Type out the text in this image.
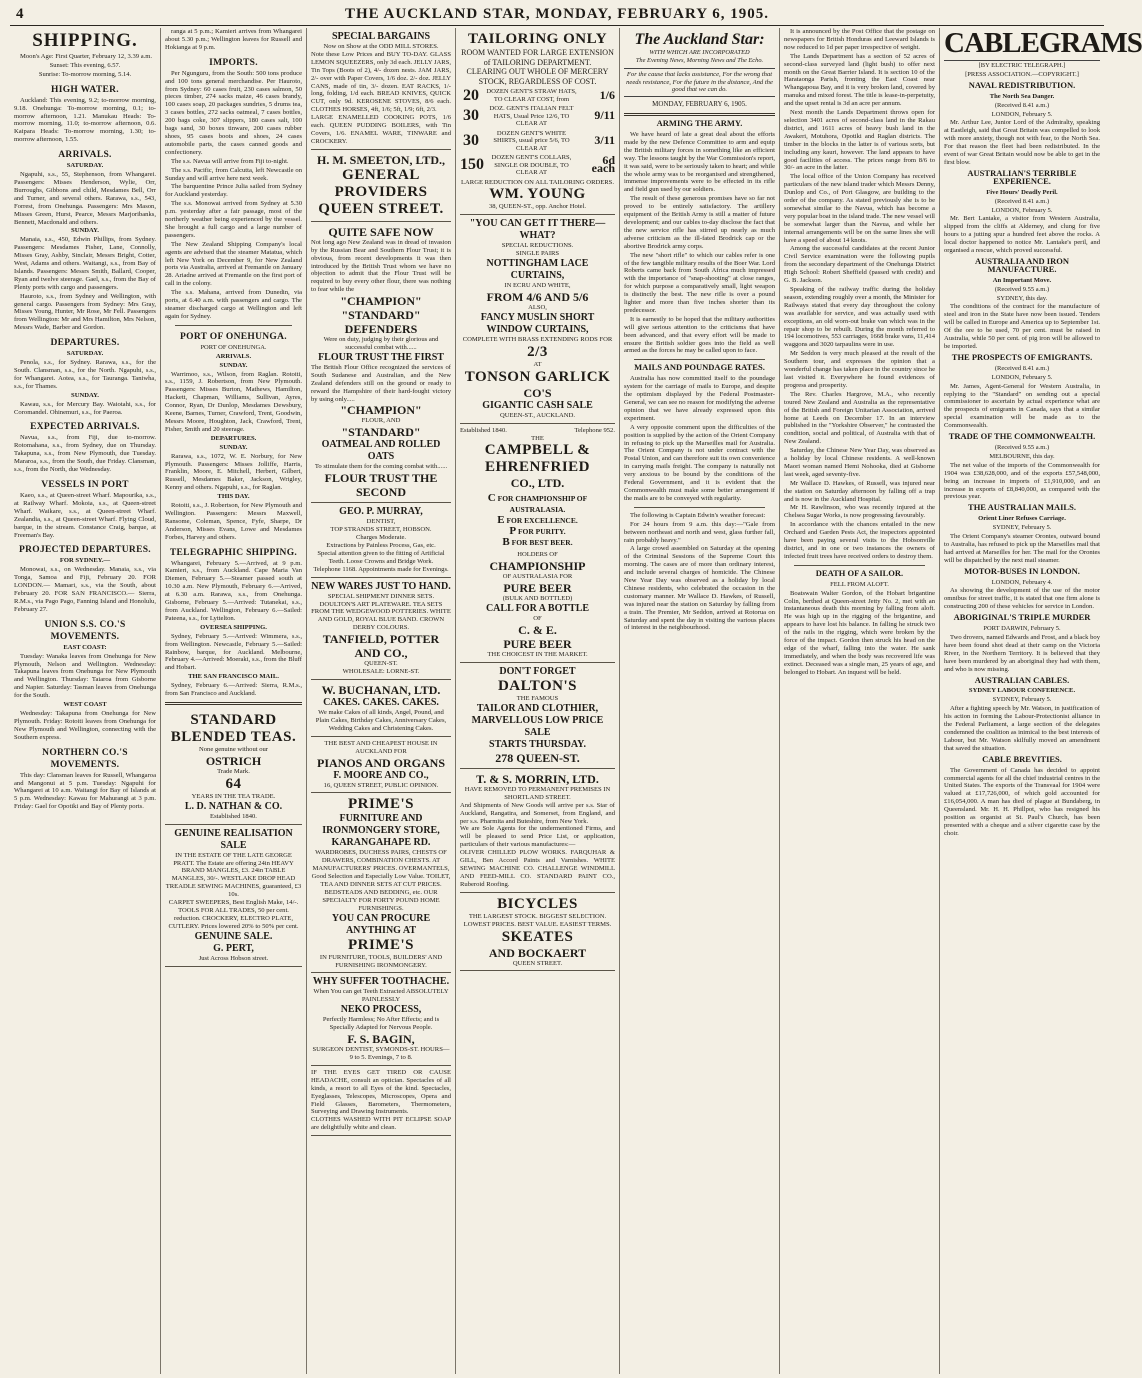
4	THE AUCKLAND STAR, MONDAY, FEBRUARY 6, 1905.
SHIPPING.
Moon's Age: First Quarter, February 12, 3.39 a.m.
Sunset: This evening, 6.57.
Sunrise: To-morrow morning, 5.14.
HIGH WATER.
Auckland: This evening, 9.2; to-morrow morning, 9.18. Onehunga: To-morrow morning, 0.1; to-morrow afternoon, 1.21. Manukau Heads: To-morrow morning, 11.0; to-morrow afternoon, 0.6. Kaipara Heads: To-morrow morning, 1.30; to-morrow afternoon, 1.55.
ARRIVALS.
SATURDAY.
Ngapuhi, s.s., 55, Stephenson, from Whangarei. Passengers: Misses Henderson, Wylie, Orr, Burroughs, Gibbons and child, Mesdames Bell, Orr and Turner, and several others. Rarawa, s.s., 543, Forrest, from Onehunga. Passengers: Mrs Mason, Misses Green, Hurst, Pearce, Messrs Marjoribanks, Bennett, Macdonald and others.
SUNDAY.
Manaia, s.s., 450, Edwin Phillips, from Sydney. Passengers: Mesdames Fisher, Lane, Connolly, Misses Gray, Ashby, Sinclair, Messrs Bright, Cotter, West, Adams and others. Waitangi, s.s., from Bay of Islands. Passengers: Messrs Smith, Ballard, Cooper, Ryan and twelve steerage. Gael, s.s., from the Bay of Plenty ports with cargo and passengers.
Hauroto, s.s., from Sydney and Wellington, with general cargo. Passengers from Sydney: Mrs Gray, Misses Young, Hunter, Mr Rose, Mr Fell. Passengers from Wellington: Mr and Mrs Hamilton, Mrs Nelson, Messrs Wade, Barber and Gordon.
DEPARTURES.
SATURDAY.
Penola, s.s., for Sydney. Rarawa, s.s., for the South. Clansman, s.s., for the North. Ngapuhi, s.s., for Whangarei. Aotea, s.s., for Tauranga. Taniwha, s.s., for Thames.
SUNDAY.
Kawau, s.s., for Mercury Bay. Waiotahi, s.s., for Coromandel. Ohinemuri, s.s., for Paeroa.
EXPECTED ARRIVALS.
Navua, s.s., from Fiji, due to-morrow. Rotomahana, s.s., from Sydney, due on Thursday. Takapuna, s.s., from New Plymouth, due Tuesday. Mararoa, s.s., from the South, due Friday. Clansman, s.s., from the North, due Wednesday.
VESSELS IN PORT
Kaeo, s.s., at Queen-street Wharf. Mapourika, s.s., at Railway Wharf. Mokoia, s.s., at Queen-street Wharf. Waikare, s.s., at Queen-street Wharf. Zealandia, s.s., at Queen-street Wharf. Flying Cloud, barque, in the stream. Constance Craig, barque, at Freeman's Bay.
PROJECTED DEPARTURES.
FOR SYDNEY.—
Monowai, s.s., on Wednesday. Manaia, s.s., via Tonga, Samoa and Fiji, February 20. FOR LONDON.— Mamari, s.s., via the South, about February 20. FOR SAN FRANCISCO.— Sierra, R.M.s., via Pago Pago, Fanning Island and Honolulu, February 27.
UNION S.S. CO.'S MOVEMENTS.
EAST COAST:
Tuesday: Wanaka leaves from Onehunga for New Plymouth, Nelson and Wellington. Wednesday: Takapuna leaves from Onehunga for New Plymouth and Wellington. Thursday: Taiaroa from Gisborne and Napier. Saturday: Tasman leaves from Onehunga for the South.
WEST COAST
Wednesday: Takapuna from Onehunga for New Plymouth. Friday: Rotoiti leaves from Onehunga for New Plymouth and Wellington, connecting with the Southern express.
NORTHERN CO.'S MOVEMENTS.
This day: Clansman leaves for Russell, Whangaroa and Mangonui at 5 p.m. Tuesday: Ngapuhi for Whangarei at 10 a.m. Waitangi for Bay of Islands at 5 p.m. Wednesday: Kawau for Mahurangi at 3 p.m. Friday: Gael for Opotiki and Bay of Plenty ports.
ranga at 5 p.m.; Kamieri arrives from Whangarei about 5.30 p.m.; Wellington leaves for Russell and Hokianga at 9 p.m.
IMPORTS.
Per Ngunguru, from the South: 500 tons produce and 100 tons general merchandise. Per Hauroto, from Sydney: 60 cases fruit, 230 cases salmon, 50 pieces timber, 274 sacks maize, 46 cases brandy, 100 cases soap, 20 packages sundries, 5 drums tea, 3 cases bottles, 272 sacks oatmeal, 7 cases bottles, 200 bags coke, 307 slippers, 180 cases salt, 100 bags sand, 30 boxes tinware, 200 cases rubber shoes, 95 cases boots and shoes, 24 cases automobile parts, the cases canned goods and confectionery.
The s.s. Navua will arrive from Fiji to-night.
The s.s. Pacific, from Calcutta, left Newcastle on Sunday and will arrive here next week.
The barquentine Prince Julia sailed from Sydney for Auckland yesterday.
The s.s. Monowai arrived from Sydney at 5.30 p.m. yesterday after a fair passage, most of the northerly weather being experienced by the vessel. She brought a full cargo and a large number of passengers.
The New Zealand Shipping Company's local agents are advised that the steamer Matatua, which left New York on December 9, for New Zealand ports via Australia, arrived at Fremantle on January 28. Ariadne arrived at Fremantle on the first port of call in the colony.
The s.s. Mahana, arrived from Dunedin, via ports, at 6.40 a.m. with passengers and cargo. The steamer discharged cargo at Wellington and left again for Sydney.
PORT OF ONEHUNGA.
PORT OF ONEHUNGA.
ARRIVALS.
SUNDAY.
Warrimoo, s.s., Wilson, from Raglan. Rotoiti, s.s., 1159, J. Robertson, from New Plymouth. Passengers: Misses Burton, Mathews, Hamilton, Hackett, Chapman, Williams, Sullivan, Ayres, Connor, Ryan, Dr Dunlop, Mesdames Dewsbury, Keene, Barnes, Turner, Crawford, Trent, Goodwin, Messrs Moore, Houghton, Jack, Crawford, Trent, Fisher, Smith and 20 steerage.
DEPARTURES.
SUNDAY.
Rarawa, s.s., 1072, W. E. Norbury, for New Plymouth. Passengers: Misses Jolliffe, Harris, Franklin, Moore, E. Mitchell, Herbert, Gilbert, Russell, Mesdames Baker, Jackson, Wrigley, Kenny and others. Ngapuhi, s.s., for Raglan.
THIS DAY.
Rotoiti, s.s., J. Robertson, for New Plymouth and Wellington. Passengers: Messrs Maxwell, Ransome, Coleman, Spence, Fyfe, Sharpe, Dr Anderson, Misses Evans, Lowe and Mesdames Forbes, Harvey and others.
TELEGRAPHIC SHIPPING.
Whangarei, February 5.—Arrived, at 9 p.m. Kamieri, s.s., from Auckland. Cape Maria Van Diemen, February 5.—Steamer passed south at 10.30 a.m. New Plymouth, February 6.—Arrived, at 6.30 a.m. Rarawa, s.s., from Onehunga. Gisborne, February 5.—Arrived: Tutanekai, s.s., from Auckland. Wellington, February 6.—Sailed: Pateena, s.s., for Lyttelton.
OVERSEA SHIPPING.
Sydney, February 5.—Arrived: Wimmera, s.s., from Wellington. Newcastle, February 5.—Sailed: Rainbow, barque, for Auckland. Melbourne, February 4.—Arrived: Moeraki, s.s., from the Bluff and Hobart.
THE SAN FRANCISCO MAIL.
Sydney, February 6.—Arrived: Sierra, R.M.s., from San Francisco and Auckland.
STANDARD
BLENDED TEAS.
None genuine without our
OSTRICH
Trade Mark.
64
YEARS IN THE TEA TRADE.
L. D. NATHAN & CO.
Established 1840.
GENUINE REALISATION SALE
IN THE ESTATE OF THE LATE GEORGE PRATT. The Estate are offering 24in HEAVY BRAND MANGLES, £3. 24in TABLE MANGLES, 30/-. WESTLAKE DROP HEAD TREADLE SEWING MACHINES, guaranteed, £3 10s.
CARPET SWEEPERS, Best English Make, 14/-. TOOLS FOR ALL TRADES, 50 per cent. reduction. CROCKERY, ELECTRO PLATE, CUTLERY. Prices lowered 20% to 50% per cent.
GENUINE SALE.
G. PERT,
Just Across Hobson street.
SPECIAL BARGAINS
Now on Show at the ODD MILL STORES.
Note these Low Prices and BUY TO-DAY. GLASS LEMON SQUEEZERS, only 3d each. JELLY JARS, Tin Tops (Boots of 2), 4/- dozen nests. JAM JARS, 2/- over with Paper Covers, 1/6 doz. 2/- doz. JELLY CANS, made of tin, 3/- dozen. EAT RACKS, 1/- long, folding, 1/d each. BREAD KNIVES, QUICK CUT, only 9d. KEROSENE STOVES, 8/6 each. CLOTHES HORSES, 4ft, 1/6; 5ft, 1/9; 6ft, 2/3.
LARGE ENAMELLED COOKING POTS, 1/6 each. QUEEN PUDDING BOILERS, with Tin Covers, 1/6. ENAMEL WARE, TINWARE and CROCKERY.
H. M. SMEETON, LTD.,
GENERAL
PROVIDERS
QUEEN STREET.
QUITE SAFE NOW
Not long ago New Zealand was in dread of invasion by the Russian Bear and Southern Flour Trust; it is obvious, from recent developments it was then introduced by the British Trust whom we have no objection to admit that the Flour Trust will be required to buy every other flour, there was nothing to fear while the
"CHAMPION"
"STANDARD"
DEFENDERS
Were on duty, judging by their glorious and successful combat with......
FLOUR TRUST THE FIRST
The British Flour Office recognized the services of South Sudanese and Australian, and the New Zealand defenders still on the ground or ready to reward the Hampshire of their hard-fought victory by using only.....
"CHAMPION"
FLOUR, AND
"STANDARD"
OATMEAL AND ROLLED OATS
To stimulate them for the coming combat with......
FLOUR TRUST THE SECOND
GEO. P. MURRAY,
DENTIST,
TOP STRANDS STREET, HOBSON.
Charges Moderate.
Extractions by Painless Process, Gas, etc.
Special attention given to the fitting of Artificial Teeth. Loose Crowns and Bridge Work.
Telephone 1168. Appointments made for Evenings.
NEW WARES JUST TO HAND.
SPECIAL SHIPMENT DINNER SETS. DOULTON'S ART PLATEWARE. TEA SETS FROM THE WEDGEWOOD POTTERIES. WHITE AND GOLD, ROYAL BLUE BAND. CROWN DERBY COLOURS.
TANFIELD, POTTER
AND CO.,
QUEEN-ST.
WHOLESALE: LORNE-ST.
W. BUCHANAN, LTD.
CAKES. CAKES. CAKES.
We make Cakes of all kinds, Angel, Pound, and Plain Cakes, Birthday Cakes, Anniversary Cakes, Wedding Cakes and Christening Cakes.
THE BEST AND CHEAPEST HOUSE IN AUCKLAND FOR
PIANOS AND ORGANS
F. MOORE AND CO.,
16, QUEEN STREET, PUBLIC OPINION.
PRIME'S
FURNITURE AND IRONMONGERY STORE,
KARANGAHAPE RD.
WARDROBES, DUCHESS PAIRS, CHESTS OF DRAWERS, COMBINATION CHESTS. AT MANUFACTURERS' PRICES. OVERMANTELS, Good Selection and Especially Low Value. TOILET, TEA AND DINNER SETS AT CUT PRICES. BEDSTEADS AND BEDDING, etc. OUR SPECIALTY FOR FORTY POUND HOME FURNISHINGS.
YOU CAN PROCURE ANYTHING AT
PRIME'S
IN FURNITURE, TOOLS, BUILDERS' AND FURNISHING IRONMONGERY.
WHY SUFFER TOOTHACHE.
When You can get Teeth Extracted ABSOLUTELY PAINLESSLY
NEKO PROCESS,
Perfectly Harmless; No After Effects; and is Specially Adapted for Nervous People.
F. S. BAGIN,
SURGEON DENTIST, SYMONDS-ST. HOURS—9 to 5. Evenings, 7 to 8.
IF THE EYES GET TIRED OR CAUSE HEADACHE, consult an optician. Spectacles of all kinds, a resort to all Eyes of the kind. Spectacles, Eyeglasses, Telescopes, Microscopes, Opera and Field Glasses, Barometers, Thermometers, Surveying and Drawing Instruments.
CLOTHES WASHED WITH PIT ECLIPSE SOAP are delightfully white and clean.
TAILORING ONLY
ROOM WANTED FOR LARGE EXTENSION of TAILORING DEPARTMENT.
CLEARING OUT WHOLE OF MERCERY STOCK, REGARDLESS OF COST.
20	DOZEN GENT'S STRAW HATS, TO CLEAR AT COST, from	1/6
30	DOZ. GENT'S ITALIAN FELT HATS, Usual Price 12/6, TO CLEAR AT
9/11
30	DOZEN GENT'S WHITE SHIRTS, usual price 5/6, TO CLEAR AT
3/11
150	DOZEN GENT'S COLLARS, SINGLE OR DOUBLE, TO CLEAR AT
6d each
LARGE REDUCTION ON ALL TAILORING ORDERS.
WM. YOUNG
38, QUEEN-ST., opp. Anchor Hotel.
"YOU CAN GET IT THERE—WHAT?
SPECIAL REDUCTIONS.
SINGLE PAIRS
NOTTINGHAM LACE CURTAINS,
IN ECRU AND WHITE,
FROM 4/6 AND 5/6
ALSO,
FANCY MUSLIN SHORT WINDOW CURTAINS,
COMPLETE WITH BRASS EXTENDING RODS FOR
2/3
AT
TONSON GARLICK
CO'S
GIGANTIC CASH SALE
QUEEN-ST., AUCKLAND.
Established 1840.	Telephone 952.
THE
CAMPBELL &
EHRENFRIED
CO., LTD.
C FOR CHAMPIONSHIP OF AUSTRALASIA.
E FOR EXCELLENCE.
P FOR PURITY.
B FOR BEST BEER.
HOLDERS OF
CHAMPIONSHIP
OF AUSTRALASIA FOR
PURE BEER
(BULK AND BOTTLED)
CALL FOR A BOTTLE
OF
C. & E.
PURE BEER
THE CHOICEST IN THE MARKET.
DON'T FORGET
DALTON'S
THE FAMOUS
TAILOR AND CLOTHIER,
MARVELLOUS LOW PRICE SALE
STARTS THURSDAY.
278 QUEEN-ST.
T. & S. MORRIN, LTD.
HAVE REMOVED TO PERMANENT PREMISES IN SHORTLAND STREET.
And Shipments of New Goods will arrive per s.s. Star of Auckland, Rangatira, and Somerset, from England, and per s.s. Pharmita and Buteshire, from New York.
We are Sole Agents for the undermentioned Firms, and will be pleased to send Price List, or application, particulars of their various manufactures:—
OLIVER CHILLED PLOW WORKS. FARQUHAR & GILL, Ben Accord Paints and Varnishes. WHITE SEWING MACHINE CO. CHALLENGE WINDMILL AND FEED-MILL CO. STANDARD PAINT CO., Ruberoid Roofing.
BICYCLES
THE LARGEST STOCK. BIGGEST SELECTION. LOWEST PRICES. BEST VALUE. EASIEST TERMS.
SKEATES
AND BOCKAERT
QUEEN STREET.
The Auckland Star:
WITH WHICH ARE INCORPORATED
The Evening News, Morning News and The Echo.
For the cause that lacks assistance, For the wrong that needs resistance, For the future in the distance, And the good that we can do.
MONDAY, FEBRUARY 6, 1905.
ARMING THE ARMY.
We have heard of late a great deal about the efforts made by the new Defence Committee to arm and equip the British military forces in something like an efficient way. The lessons taught by the War Commission's report, it was said, were to be seriously taken to heart; and while the whole army was to be reorganised and strengthened, immense improvements were to be effected in its rifle and field gun used by our soldiers.
The result of these generous promises have so far not proved to be entirely satisfactory. The artillery equipment of the British Army is still a matter of future development; and our cables to-day disclose the fact that the new service rifle has stirred up nearly as much adverse criticism as the ill-fated Brodrick cap or the abortive Brodrick army corps.
The new "short rifle" to which our cables refer is one of the few tangible military results of the Boer War. Lord Roberts came back from South Africa much impressed with the importance of "snap-shooting" at close ranges, for which purpose a comparatively small, light weapon is distinctly the best. The new rifle is over a pound lighter and more than five inches shorter than its predecessor.
It is earnestly to be hoped that the military authorities will give serious attention to the criticisms that have been advanced, and that every effort will be made to ensure the British soldier goes into the field as well armed as the forces he may be called upon to face.
MAILS AND POUNDAGE RATES.
Australia has now committed itself to the poundage system for the carriage of mails to Europe, and despite the optimism displayed by the Federal Postmaster-General, we can see no reason for modifying the adverse opinion that we have already expressed upon this experiment.
A very opposite comment upon the difficulties of the position is supplied by the action of the Orient Company in refusing to pick up the Marseilles mail for Australia. The Orient Company is not under contract with the Postal Union, and can therefore suit its own convenience in carrying mails freight. The company is naturally not very anxious to be bound by the conditions of the Federal Government, and it is evident that the Commonwealth must make some better arrangement if the mails are to be conveyed with regularity.
The following is Captain Edwin's weather forecast:
For 24 hours from 9 a.m. this day:—"Gale from between northeast and north and west, glass further fall, rain probably heavy."
A large crowd assembled on Saturday at the opening of the Criminal Sessions of the Supreme Court this morning. The cases are of more than ordinary interest, and include several charges of homicide. The Chinese New Year Day was observed as a holiday by local Chinese residents, who celebrated the occasion in the customary manner. Mr Wallace D. Hawkes, of Russell, was injured near the station on Saturday by falling from a train. The Premier, Mr Seddon, arrived at Rotorua on Saturday and spent the day in visiting the various places of interest in the neighbourhood.
It is announced by the Post Office that the postage on newspapers for British Honduras and Leeward Islands is now reduced to 1d per paper irrespective of weight.
The Lands Department has a section of 52 acres of second-class surveyed land (light bush) to offer next month on the Great Barrier Island. It is section 10 of the Harataonga Parish, fronting the East Coast near Whangapoua Bay, and it is very broken land, covered by manuka and mixed forest. The title is lease-in-perpetuity, and the upset rental is 3d an acre per annum.
Next month the Lands Department throws open for selection 3401 acres of second-class land in the Rakau district, and 1611 acres of heavy bush land in the Awakeri, Motuhora, Opotiki and Raglan districts. The timber in the blocks in the latter is of various sorts, but including any kauri, however. The land appears to have good facilities of access. The prices range from 8/6 to 30/- an acre in the latter.
The local office of the Union Company has received particulars of the new island trader which Messrs Denny, Dunlop and Co., of Port Glasgow, are building to the order of the company. As stated previously she is to be somewhat similar to the Navua, which has become a very popular boat in the island trade. The new vessel will be somewhat larger than the Navua, and while her internal arrangements will be on the same lines she will have a speed of about 14 knots.
Among the successful candidates at the recent Junior Civil Service examination were the following pupils from the secondary department of the Onehunga District High School: Robert Sheffield (passed with credit) and G. B. Jackson.
Speaking of the railway traffic during the holiday season, extending roughly over a month, the Minister for Railways stated that every day throughout the colony was available for service, and was actually used with exceptions, an old worn-out brake van which was in the repair shop to be rebuilt. During the month referred to 194 locomotives, 553 carriages, 1668 brake vans, 11,414 waggons and 3020 tarpaulins were in use.
Mr Seddon is very much pleased at the result of the Southern tour, and expresses the opinion that a wonderful change has taken place in the country since he last visited it. Everywhere he found evidences of progress and prosperity.
The Rev. Charles Hargrove, M.A., who recently toured New Zealand and Australia as the representative of the British and Foreign Unitarian Association, arrived home at Leeds on December 17. In an interview published in the "Yorkshire Observer," he contrasted the condition, social and political, of Australia with that of New Zealand.
Saturday, the Chinese New Year Day, was observed as a holiday by local Chinese residents. A well-known Maori woman named Hemi Nohooka, died at Gisborne last week, aged seventy-five.
Mr Wallace D. Hawkes, of Russell, was injured near the station on Saturday afternoon by falling off a trap and is now in the Auckland Hospital.
Mr H. Rawlinson, who was recently injured at the Chelsea Sugar Works, is now progressing favourably.
In accordance with the chances entailed in the new Orchard and Garden Pests Act, the inspectors appointed have been paying several visits to the Hobsonville district, and in one or two instances the owners of infected fruit trees have received orders to destroy them.
DEATH OF A SAILOR.
FELL FROM ALOFT.
Boatswain Walter Gordon, of the Hobart brigantine Colin, berthed at Queen-street Jetty No. 2, met with an instantaneous death this morning by falling from aloft. He was high up in the rigging of the brigantine, and appears to have lost his balance. In falling he struck two of the rails in the rigging, which were broken by the force of the impact. Gordon then struck his head on the edge of the wharf, falling into the water. He sank immediately, and when the body was recovered life was extinct. Deceased was a single man, 25 years of age, and belonged to Hobart. An inquest will be held.
CABLEGRAMS
[BY ELECTRIC TELEGRAPH.]
[PRESS ASSOCIATION.—COPYRIGHT.]
NAVAL REDISTRIBUTION.
The North Sea Danger.
(Received 8.41 a.m.)
LONDON, February 5.
Mr. Arthur Lee, Junior Lord of the Admiralty, speaking at Eastleigh, said that Great Britain was compelled to look with more anxiety, though not with fear, to the North Sea. For that reason the fleet had been redistributed. In the event of war Great Britain would now be able to get in the first blow.
AUSTRALIAN'S TERRIBLE EXPERIENCE.
Five Hours' Deadly Peril.
(Received 8.41 a.m.)
LONDON, February 5.
Mr. Bert Lantake, a visitor from Western Australia, slipped from the cliffs at Alderney, and clung for five hours to a jutting spur a hundred feet above the rocks. A local doctor happened to notice Mr. Lantake's peril, and organised a rescue, which proved successful.
AUSTRALIA AND IRON MANUFACTURE.
An Important Move.
(Received 9.55 a.m.)
SYDNEY, this day.
The conditions of the contract for the manufacture of steel and iron in the State have now been issued. Tenders will be called in Europe and America up to September 1st. Of the ore to be used, 70 per cent. must be raised in Australia, while 50 per cent. of pig iron will be allowed to be imported.
THE PROSPECTS OF EMIGRANTS.
(Received 8.41 a.m.)
LONDON, February 5.
Mr. James, Agent-General for Western Australia, in replying to the "Standard" on sending out a special commissioner to ascertain by actual experience what are the prospects of emigrants in Canada, says that a similar special examination will be made as to the Commonwealth.
TRADE OF THE COMMONWEALTH.
(Received 9.55 a.m.)
MELBOURNE, this day.
The net value of the imports of the Commonwealth for 1904 was £38,628,000, and of the exports £57,548,000, being an increase in imports of £1,910,000, and an increase in exports of £8,840,000, as compared with the previous year.
THE AUSTRALIAN MAILS.
Orient Liner Refuses Carriage.
SYDNEY, February 5.
The Orient Company's steamer Orontes, outward bound to Australia, has refused to pick up the Marseilles mail that had arrived at Marseilles for her. The mail for the Orontes will be dispatched by the next mail steamer.
MOTOR-BUSES IN LONDON.
LONDON, February 4.
As showing the development of the use of the motor omnibus for street traffic, it is stated that one firm alone is constructing 200 of these vehicles for service in London.
ABORIGINAL'S TRIPLE MURDER
PORT DARWIN, February 5.
Two drovers, named Edwards and Frost, and a black boy have been found shot dead at their camp on the Victoria River, in the Northern Territory. It is believed that they have been murdered by an aboriginal they had with them, and who is now missing.
AUSTRALIAN CABLES.
SYDNEY LABOUR CONFERENCE.
SYDNEY, February 5.
After a fighting speech by Mr. Watson, in justification of his action in forming the Labour-Protectionist alliance in the Federal Parliament, a large section of the delegates condemned the coalition as inimical to the best interests of Labour, but Mr. Watson skilfully moved an amendment that saved the situation.
CABLE BREVITIES.
The Government of Canada has decided to appoint commercial agents for all the chief industrial centres in the United States. The exports of the Transvaal for 1904 were valued at £17,726,000, of which gold accounted for £16,054,000. A man has died of plague at Bundaberg, in Queensland. Mr. H. H. Phillpot, who has resigned his position as organist at St. Paul's Church, has been presented with a cheque and a silver cigarette case by the choir.
